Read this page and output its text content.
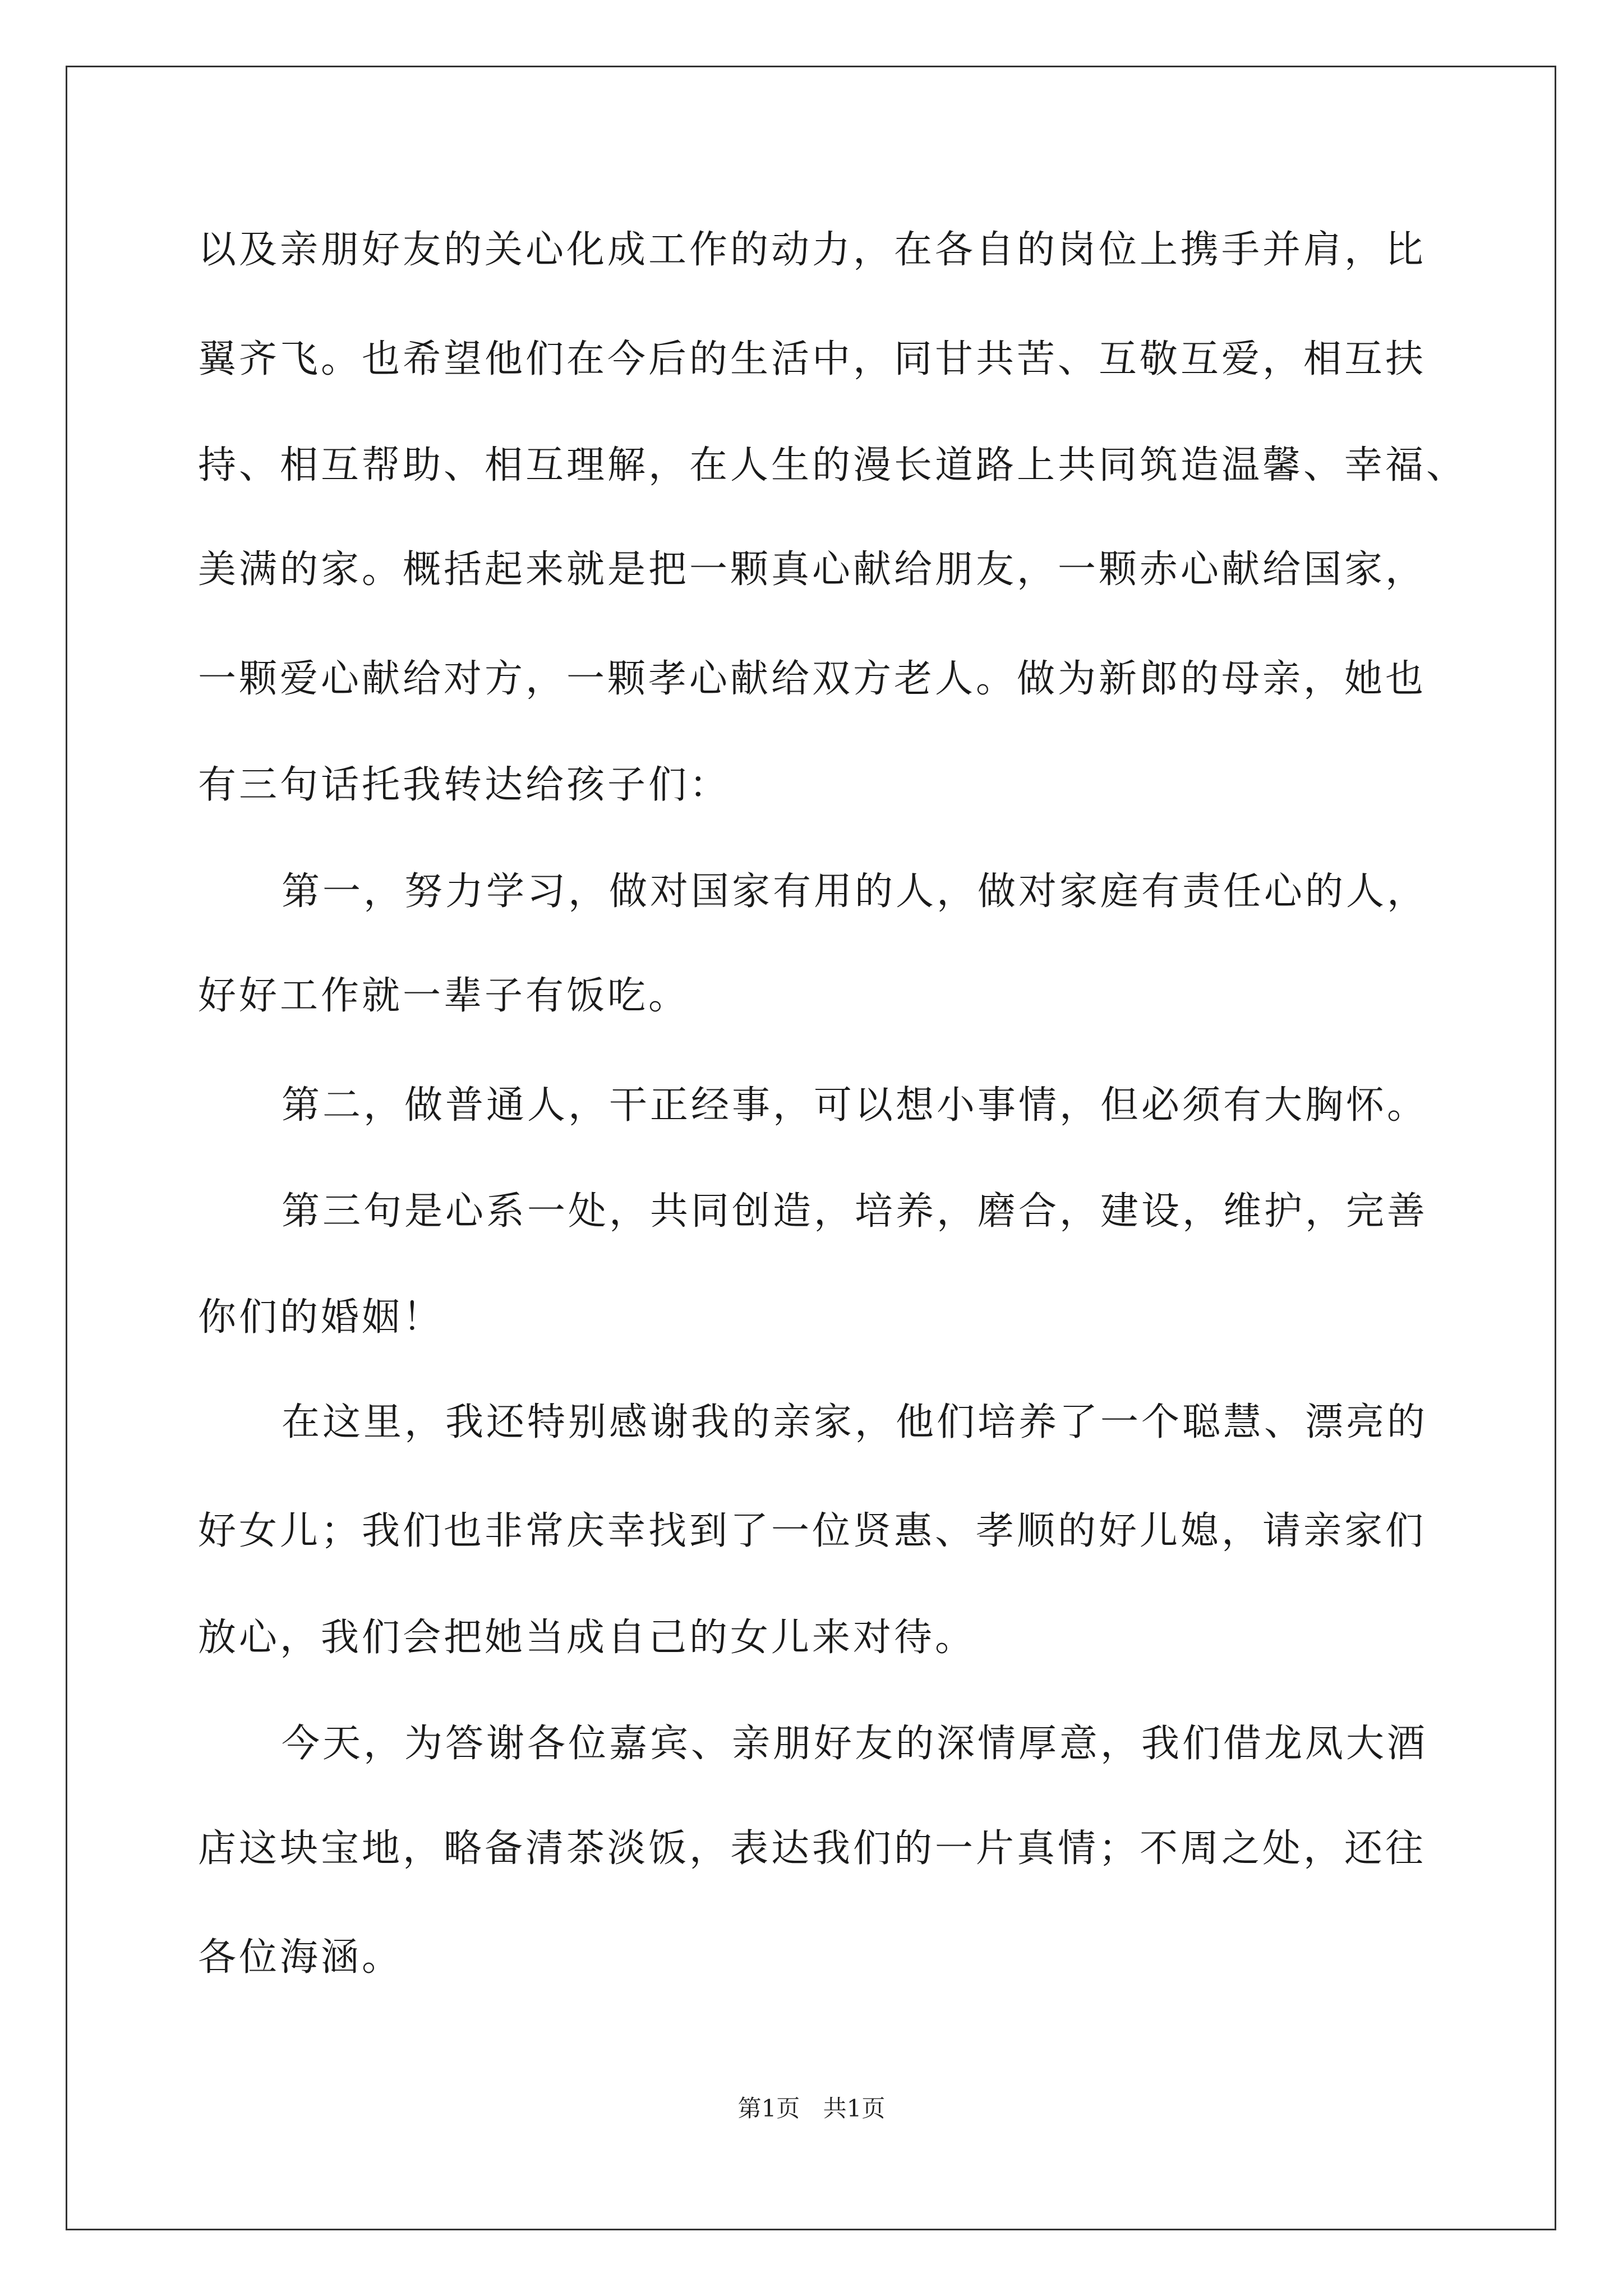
以及亲朋好友的关心化成工作的动力，在各自的岗位上携手并肩，比
翼齐飞。也希望他们在今后的生活中，同甘共苦、互敬互爱，相互扶
持、相互帮助、相互理解，在人生的漫长道路上共同筑造温馨、幸福、
美满的家。概括起来就是把一颗真心献给朋友，一颗赤心献给国家，
一颗爱心献给对方，一颗孝心献给双方老人。做为新郎的母亲，她也
有三句话托我转达给孩子们：
第一，努力学习，做对国家有用的人，做对家庭有责任心的人，
好好工作就一辈子有饭吃。
第二，做普通人，干正经事，可以想小事情，但必须有大胸怀。
第三句是心系一处，共同创造，培养，磨合，建设，维护，完善
你们的婚姻！
在这里，我还特别感谢我的亲家，他们培养了一个聪慧、漂亮的
好女儿；我们也非常庆幸找到了一位贤惠、孝顺的好儿媳，请亲家们
放心，我们会把她当成自己的女儿来对待。
今天，为答谢各位嘉宾、亲朋好友的深情厚意，我们借龙凤大酒
店这块宝地，略备清茶淡饭，表达我们的一片真情；不周之处，还往
各位海涵。
第1页 共1页
